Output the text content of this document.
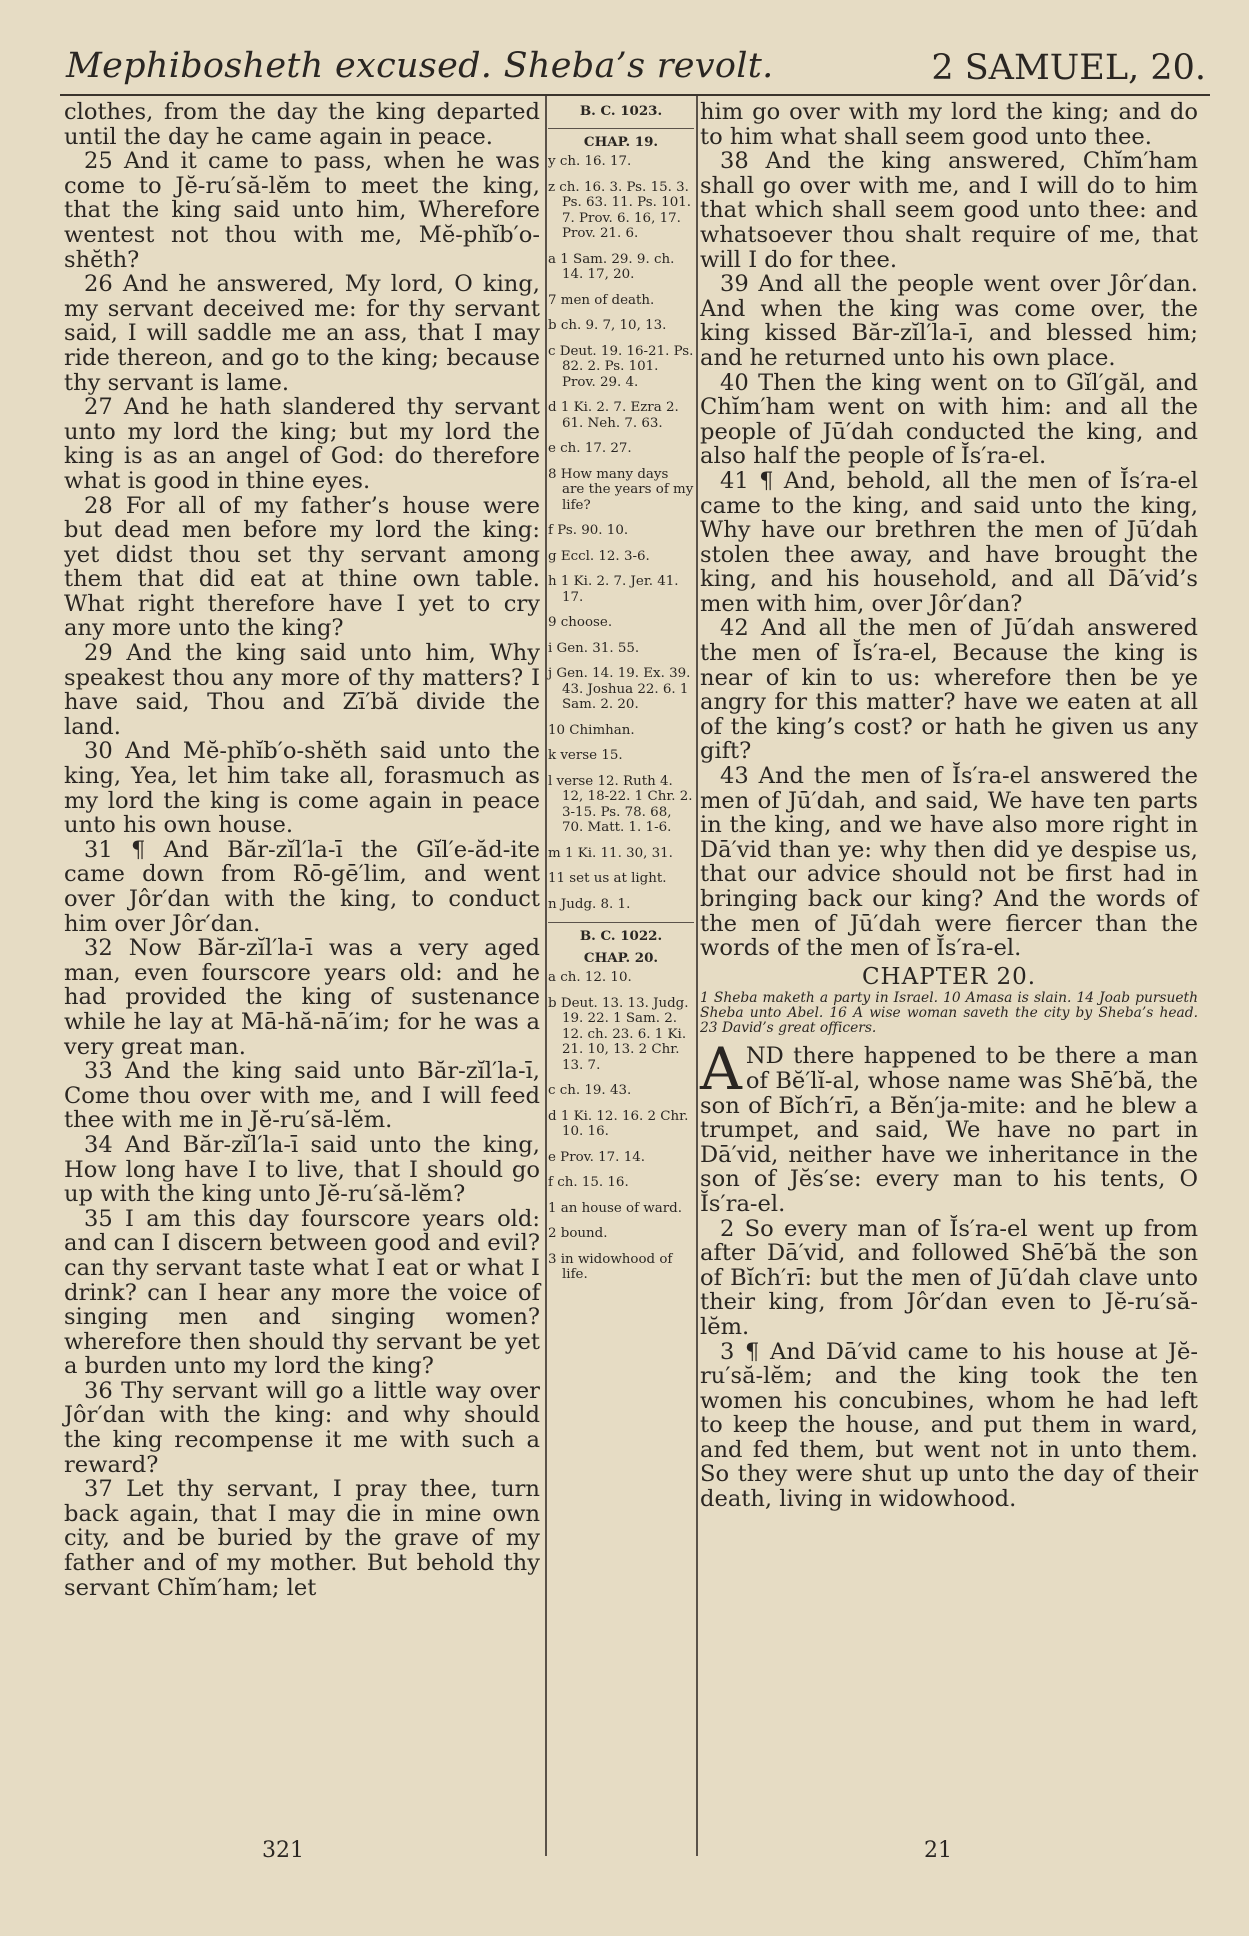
Mephibosheth excused. Sheba’s revolt.	2 SAMUEL, 20.

clothes, from the day the king departed until the day he came again in peace.

25 And it came to pass, when he was come to Jĕ-ru′să-lĕm to meet the king, that the king said unto him, Wherefore wentest not thou with me, Mĕ-phĭb′o-shĕth?

26 And he answered, My lord, O king, my servant deceived me: for thy servant said, I will saddle me an ass, that I may ride thereon, and go to the king; because thy servant is lame.

27 And he hath slandered thy servant unto my lord the king; but my lord the king is as an angel of God: do therefore what is good in thine eyes.

28 For all of my father’s house were but dead men before my lord the king: yet didst thou set thy servant among them that did eat at thine own table. What right therefore have I yet to cry any more unto the king?

29 And the king said unto him, Why speakest thou any more of thy matters? I have said, Thou and Zī′bă divide the land.

30 And Mĕ-phĭb′o-shĕth said unto the king, Yea, let him take all, forasmuch as my lord the king is come again in peace unto his own house.

31 ¶ And Băr-zĭl′la-ī the Gĭl′e-ăd-ite came down from Rō-gē′lim, and went over Jôr′dan with the king, to conduct him over Jôr′dan.

32 Now Băr-zĭl′la-ī was a very aged man, even fourscore years old: and he had provided the king of sustenance while he lay at Mā-hă-nā′im; for he was a very great man.

33 And the king said unto Băr-zĭl′la-ī, Come thou over with me, and I will feed thee with me in Jĕ-ru′să-lĕm.

34 And Băr-zĭl′la-ī said unto the king, How long have I to live, that I should go up with the king unto Jĕ-ru′să-lĕm?

35 I am this day fourscore years old: and can I discern between good and evil? can thy servant taste what I eat or what I drink? can I hear any more the voice of singing men and singing women? wherefore then should thy servant be yet a burden unto my lord the king?

36 Thy servant will go a little way over Jôr′dan with the king: and why should the king recompense it me with such a reward?

37 Let thy servant, I pray thee, turn back again, that I may die in mine own city, and be buried by the grave of my father and of my mother. But behold thy servant Chĭm′ham; let

B. C. 1023.
CHAP. 19.
y ch. 16. 17.
z ch. 16. 3. Ps. 15. 3. Ps. 63. 11. Ps. 101. 7. Prov. 6. 16, 17. Prov. 21. 6.
a 1 Sam. 29. 9. ch. 14. 17, 20.
7 men of death.
b ch. 9. 7, 10, 13.
c Deut. 19. 16-21. Ps. 82. 2. Ps. 101. Prov. 29. 4.
d 1 Ki. 2. 7. Ezra 2. 61. Neh. 7. 63.
e ch. 17. 27.
8 How many days are the years of my life?
f Ps. 90. 10.
g Eccl. 12. 3-6.
h 1 Ki. 2. 7. Jer. 41. 17.
9 choose.
i Gen. 31. 55.
j Gen. 14. 19. Ex. 39. 43. Joshua 22. 6. 1 Sam. 2. 20.
10 Chimhan.
k verse 15.
l verse 12. Ruth 4. 12, 18-22. 1 Chr. 2. 3-15. Ps. 78. 68, 70. Matt. 1. 1-6.
m 1 Ki. 11. 30, 31.
11 set us at light.
n Judg. 8. 1.
B. C. 1022.
CHAP. 20.
a ch. 12. 10.
b Deut. 13. 13. Judg. 19. 22. 1 Sam. 2. 12. ch. 23. 6. 1 Ki. 21. 10, 13. 2 Chr. 13. 7.
c ch. 19. 43.
d 1 Ki. 12. 16. 2 Chr. 10. 16.
e Prov. 17. 14.
f ch. 15. 16.
1 an house of ward.
2 bound.
3 in widowhood of life.

him go over with my lord the king; and do to him what shall seem good unto thee.

38 And the king answered, Chĭm′ham shall go over with me, and I will do to him that which shall seem good unto thee: and whatsoever thou shalt require of me, that will I do for thee.

39 And all the people went over Jôr′dan. And when the king was come over, the king kissed Băr-zĭl′la-ī, and blessed him; and he returned unto his own place.

40 Then the king went on to Gĭl′găl, and Chĭm′ham went on with him: and all the people of Jū′dah conducted the king, and also half the people of Ĭs′ra-el.

41 ¶ And, behold, all the men of Ĭs′ra-el came to the king, and said unto the king, Why have our brethren the men of Jū′dah stolen thee away, and have brought the king, and his household, and all Dā′vid’s men with him, over Jôr′dan?

42 And all the men of Jū′dah answered the men of Ĭs′ra-el, Because the king is near of kin to us: wherefore then be ye angry for this matter? have we eaten at all of the king’s cost? or hath he given us any gift?

43 And the men of Ĭs′ra-el answered the men of Jū′dah, and said, We have ten parts in the king, and we have also more right in Dā′vid than ye: why then did ye despise us, that our advice should not be first had in bringing back our king? And the words of the men of Jū′dah were fiercer than the words of the men of Ĭs′ra-el.

CHAPTER 20.
1 Sheba maketh a party in Israel. 10 Amasa is slain. 14 Joab pursueth Sheba unto Abel. 16 A wise woman saveth the city by Sheba’s head. 23 David’s great officers.

AND there happened to be there a man of Bĕ′lĭ-al, whose name was Shē′bă, the son of Bĭch′rī, a Bĕn′ja-mite: and he blew a trumpet, and said, We have no part in Dā′vid, neither have we inheritance in the son of Jĕs′se: every man to his tents, O Ĭs′ra-el.

2 So every man of Ĭs′ra-el went up from after Dā′vid, and followed Shē′bă the son of Bĭch′rī: but the men of Jū′dah clave unto their king, from Jôr′dan even to Jĕ-ru′să-lĕm.

3 ¶ And Dā′vid came to his house at Jĕ-ru′să-lĕm; and the king took the ten women his concubines, whom he had left to keep the house, and put them in ward, and fed them, but went not in unto them. So they were shut up unto the day of their death, living in widowhood.

321	21
